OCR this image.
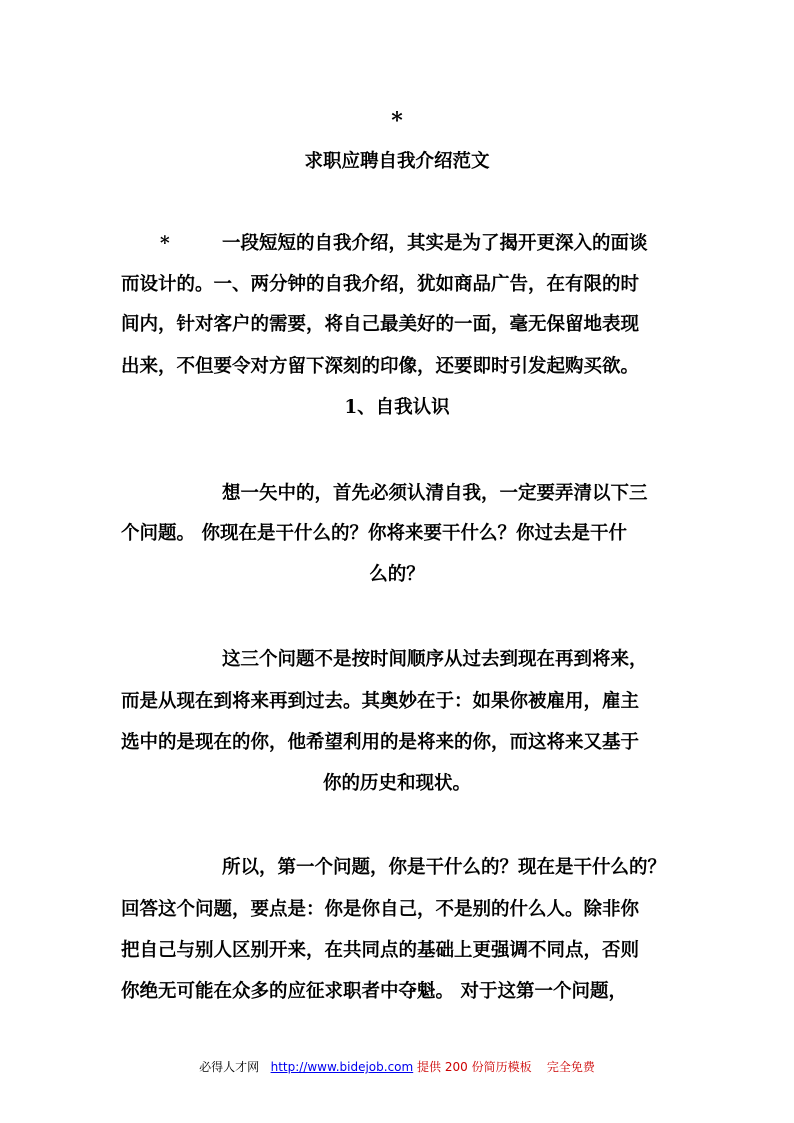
*
求职应聘自我介绍范文
*	一段短短的自我介绍，其实是为了揭开更深入的面谈
而设计的。一、两分钟的自我介绍，犹如商品广告，在有限的时
间内，针对客户的需要，将自己最美好的一面，毫无保留地表现
出来，不但要令对方留下深刻的印像，还要即时引发起购买欲。
1、自我认识
想一矢中的，首先必须认清自我，一定要弄清以下三
个问题。 你现在是干什么的？你将来要干什么？你过去是干什
么的？
这三个问题不是按时间顺序从过去到现在再到将来，
而是从现在到将来再到过去。其奥妙在于：如果你被雇用，雇主
选中的是现在的你，他希望利用的是将来的你，而这将来又基于
你的历史和现状。
所以，第一个问题，你是干什么的？现在是干什么的？
回答这个问题，要点是：你是你自己，不是别的什么人。除非你
把自己与别人区别开来，在共同点的基础上更强调不同点，否则
你绝无可能在众多的应征求职者中夺魁。 对于这第一个问题，
必得人才网 http://www.bidejob.com 提供 200 份简历模板 完全免费
